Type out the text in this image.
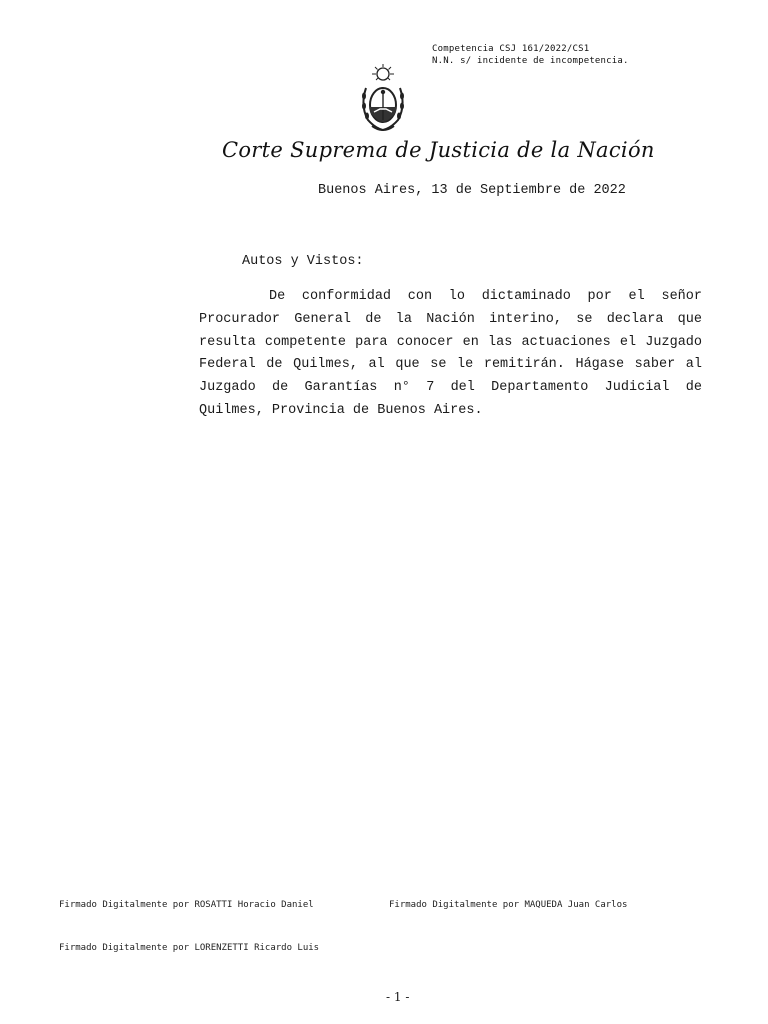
Competencia CSJ 161/2022/CS1
N.N. s/ incidente de incompetencia.
Corte Suprema de Justicia de la Nación
Buenos Aires, 13 de Septiembre de 2022
Autos y Vistos:
De conformidad con lo dictaminado por el señor Procurador General de la Nación interino, se declara que resulta competente para conocer en las actuaciones el Juzgado Federal de Quilmes, al que se le remitirán. Hágase saber al Juzgado de Garantías n° 7 del Departamento Judicial de Quilmes, Provincia de Buenos Aires.
Firmado Digitalmente por ROSATTI Horacio Daniel	Firmado Digitalmente por MAQUEDA Juan Carlos
Firmado Digitalmente por LORENZETTI Ricardo Luis
- 1 -
